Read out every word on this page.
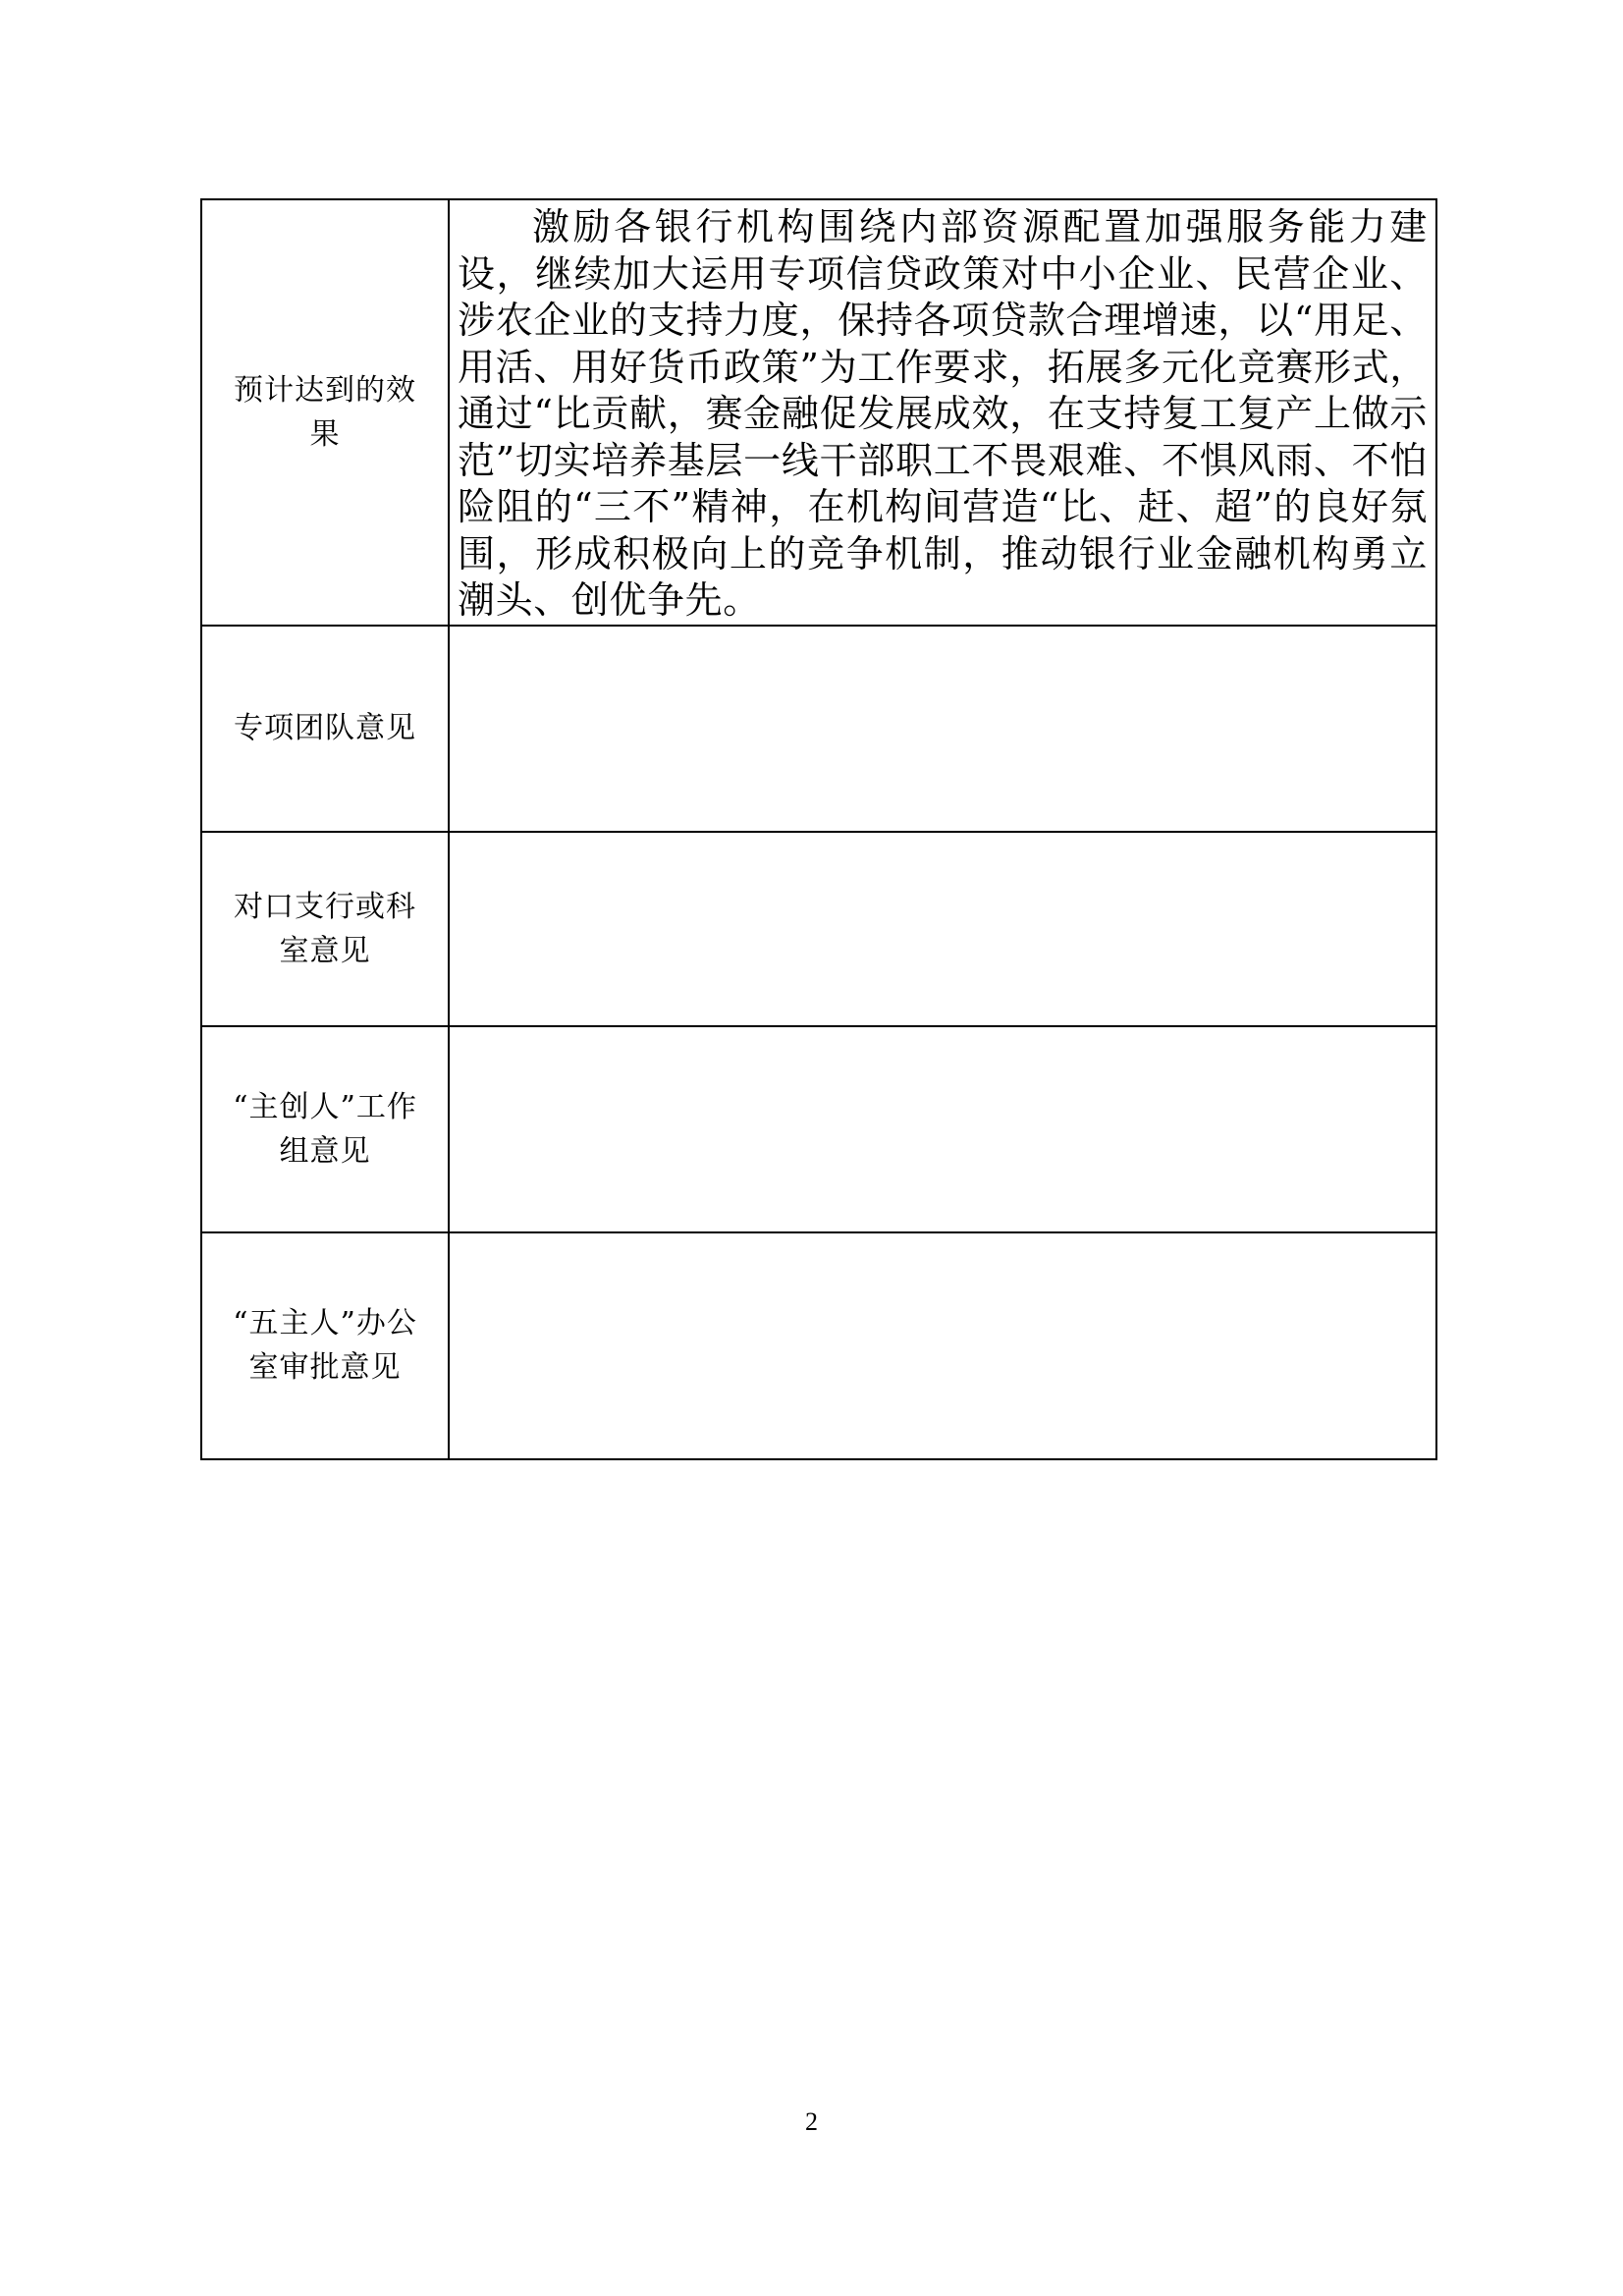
预计达到的效
果	激励各银行机构围绕内部资源配置加强服务能力建设，继续加大运用专项信贷政策对中小企业、民营企业、涉农企业的支持力度，保持各项贷款合理增速，以“用足、用活、用好货币政策”为工作要求，拓展多元化竞赛形式，通过“比贡献，赛金融促发展成效，在支持复工复产上做示范”切实培养基层一线干部职工不畏艰难、不惧风雨、不怕险阻的“三不”精神，在机构间营造“比、赶、超”的良好氛围，形成积极向上的竞争机制，推动银行业金融机构勇立潮头、创优争先。

专项团队意见	

对口支行或科
室意见	

“主创人”工作
组意见	

“五主人”办公
室审批意见	

2
